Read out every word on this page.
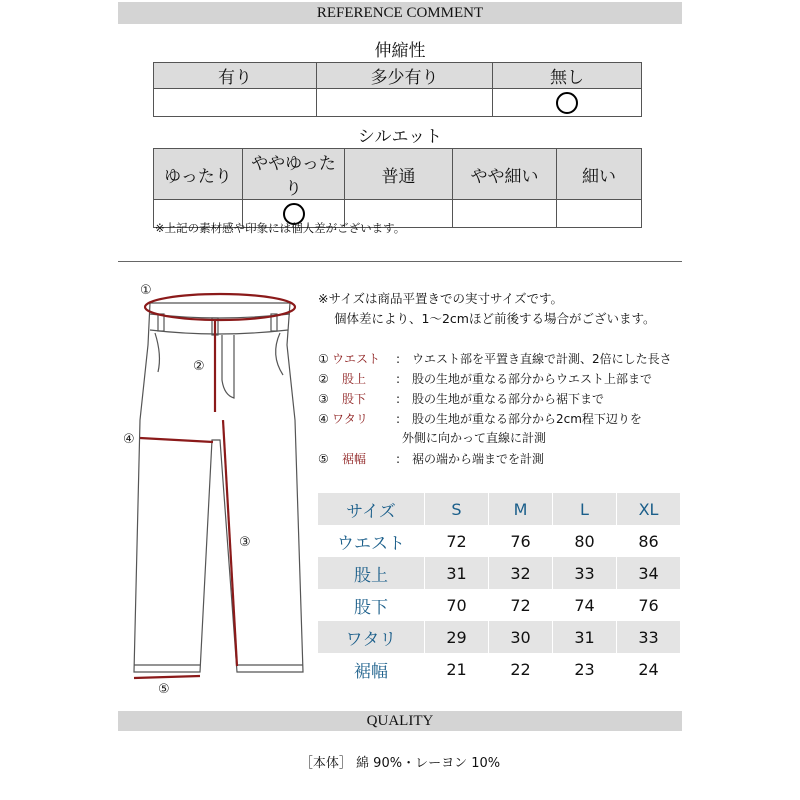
REFERENCE COMMENT
伸縮性
有り	多少有り	無し

シルエット
ゆったり	ややゆったり	普通	やや細い	細い

※上記の素材感や印象には個人差がございます。
①
②
③
④
⑤
※サイズは商品平置きでの実寸サイズです。
個体差により、1～2cmほど前後する場合がございます。
① ウエスト : ウエスト部を平置き直線で計測、2倍にした長さ
② 股上 : 股の生地が重なる部分からウエスト上部まで
③ 股下 : 股の生地が重なる部分から裾下まで
④ ワタリ : 股の生地が重なる部分から2cm程下辺りを
外側に向かって直線に計測
⑤ 裾幅 : 裾の端から端までを計測
サイズ	S	M	L	XL
ウエスト	72	76	80	86
股上	31	32	33	34
股下	70	72	74	76
ワタリ	29	30	31	33
裾幅	21	22	23	24
QUALITY
［本体］ 綿 90%・レーヨン 10%
